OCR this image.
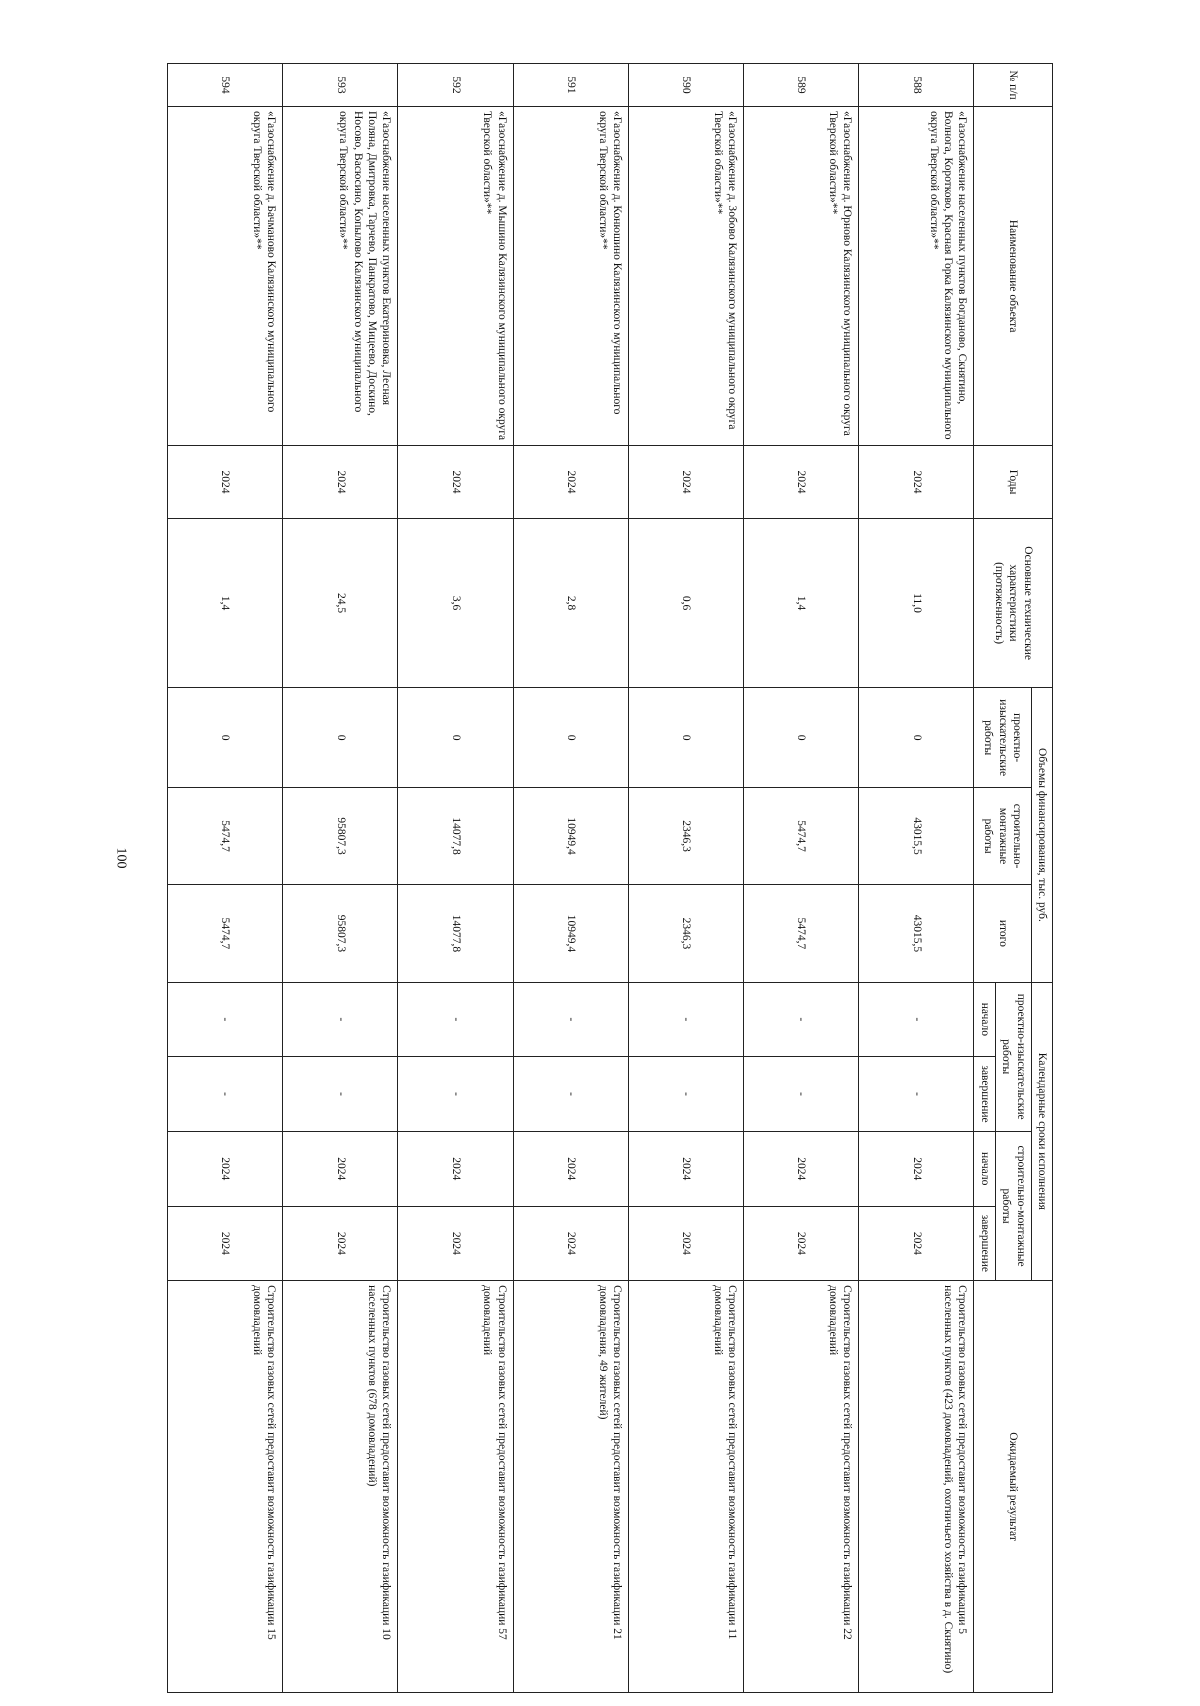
100
№ п/п	Наименование объекта	Годы	Основные технические характеристики (протяженность)	Объемы финансирования, тыс. руб.			Календарные сроки исполнения				Ожидаемый результат
				проектно-изыскательские работы	строительно-монтажные работы	итого	проектно-изыскательские работы		строительно-монтажные работы		
							начало	завершение	начало	завершение	
588	«Газоснабжение населенных пунктов Богданово, Скнятино, Волнога, Коротково, Красная Горка Калязинского муниципального округа Тверской области»**	2024	11,0	0	43015,5	43015,5	-	-	2024	2024	Строительство газовых сетей предоставит возможность газификации 5 населенных пунктов (423 домовладений, охотничьего хозяйства в д. Скнятино)
589	«Газоснабжение д. Юрново Калязинского муниципального округа Тверской области»**	2024	1,4	0	5474,7	5474,7	-	-	2024	2024	Строительство газовых сетей предоставит возможность газификации 22 домовладений
590	«Газоснабжение д. Зобово Калязинского муниципального округа Тверской области»**	2024	0,6	0	2346,3	2346,3	-	-	2024	2024	Строительство газовых сетей предоставит возможность газификации 11 домовладений
591	«Газоснабжение д. Конюшино Калязинского муниципального округа Тверской области»**	2024	2,8	0	10949,4	10949,4	-	-	2024	2024	Строительство газовых сетей предоставит возможность газификации 21 домовладения, 49 жителей)
592	«Газоснабжение д. Мышино Калязинского муниципального округа Тверской области»**	2024	3,6	0	14077,8	14077,8	-	-	2024	2024	Строительство газовых сетей предоставит возможность газификации 57 домовладений
593	«Газоснабжение населенных пунктов Екатериновка, Лесная Поляна, Дмитровка, Тарчево, Панкратово, Мицеево, Доскино, Носово, Васюсино, Копылово Калязинского муниципального округа Тверской области»**	2024	24,5	0	95807,3	95807,3	-	-	2024	2024	Строительство газовых сетей предоставит возможность газификации 10 населенных пунктов (678 домовладений)
594	«Газоснабжение д. Бачманово Калязинского муниципального округа Тверской области»**	2024	1,4	0	5474,7	5474,7	-	-	2024	2024	Строительство газовых сетей предоставит возможность газификации 15 домовладений
